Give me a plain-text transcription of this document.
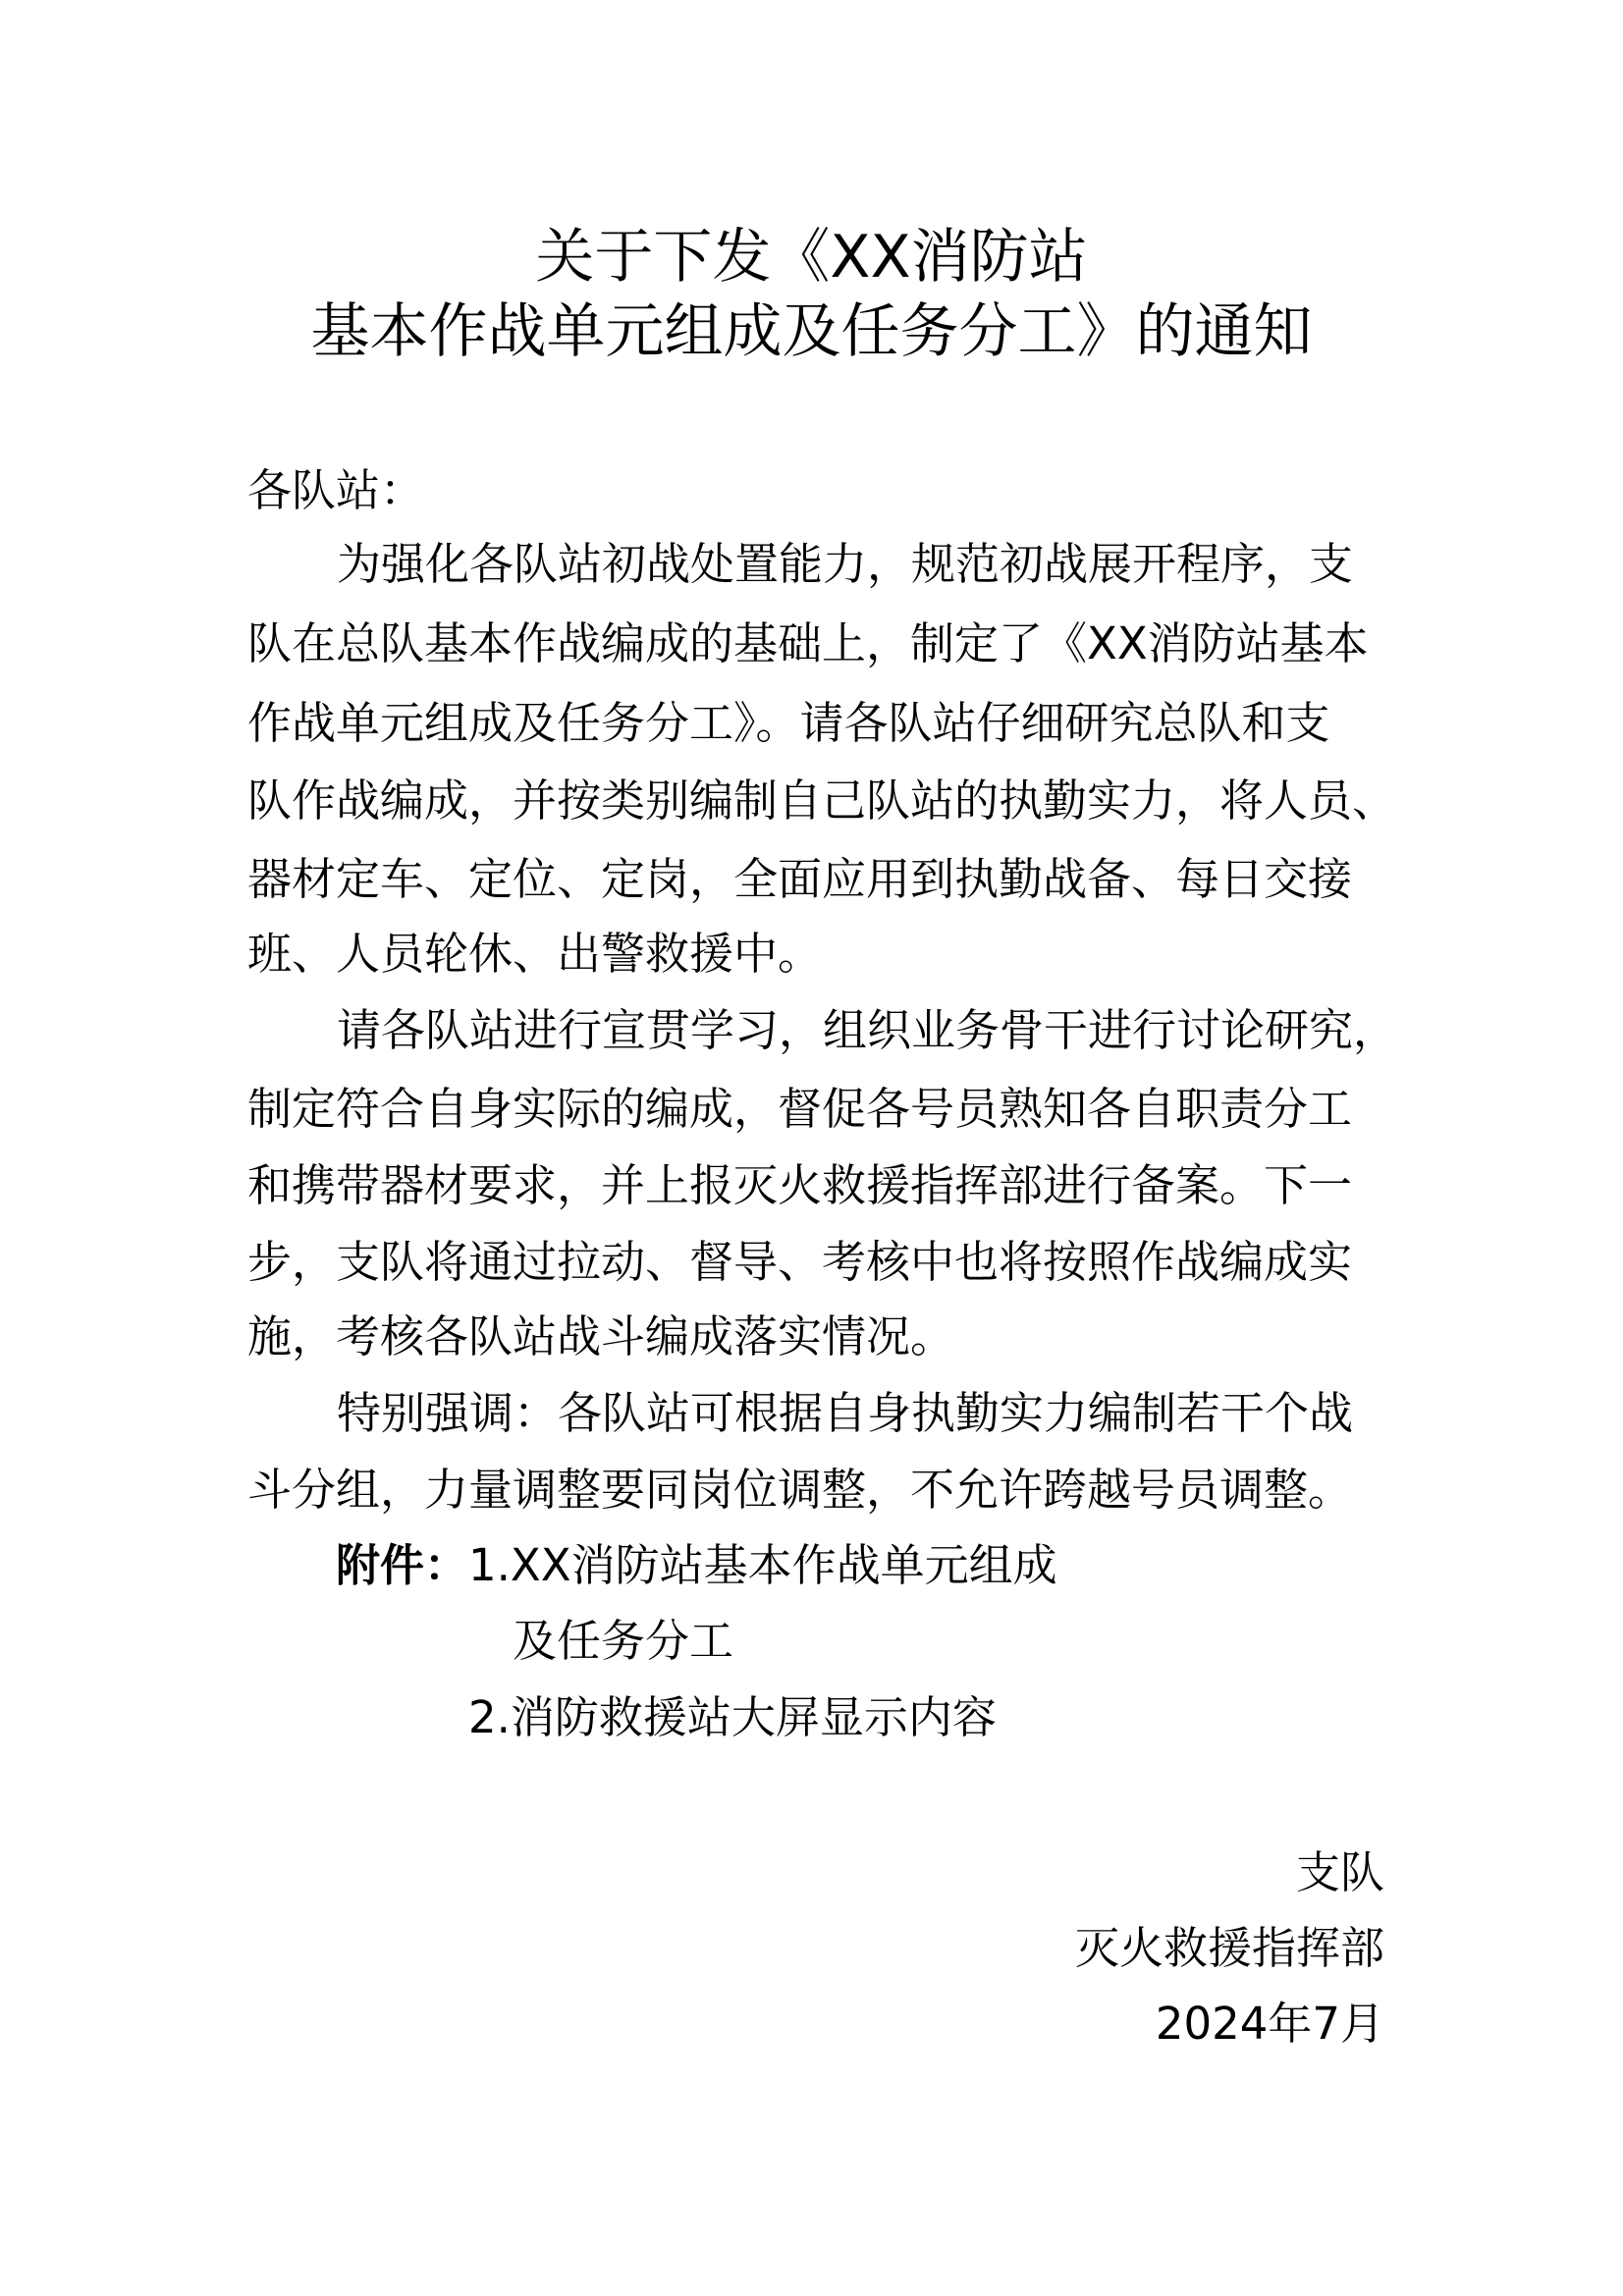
关于下发《XX消防站
基本作战单元组成及任务分工》的通知
各队站：
为强化各队站初战处置能力，规范初战展开程序，支
队在总队基本作战编成的基础上，制定了《XX消防站基本
作战单元组成及任务分工》。请各队站仔细研究总队和支
队作战编成，并按类别编制自己队站的执勤实力，将人员、
器材定车、定位、定岗，全面应用到执勤战备、每日交接
班、人员轮休、出警救援中。
请各队站进行宣贯学习，组织业务骨干进行讨论研究，
制定符合自身实际的编成，督促各号员熟知各自职责分工
和携带器材要求，并上报灭火救援指挥部进行备案。下一
步，支队将通过拉动、督导、考核中也将按照作战编成实
施，考核各队站战斗编成落实情况。
特别强调：各队站可根据自身执勤实力编制若干个战
斗分组，力量调整要同岗位调整，不允许跨越号员调整。
附件： 1.XX消防站基本作战单元组成
及任务分工
2.消防救援站大屏显示内容
支队
灭火救援指挥部
2024年7月
